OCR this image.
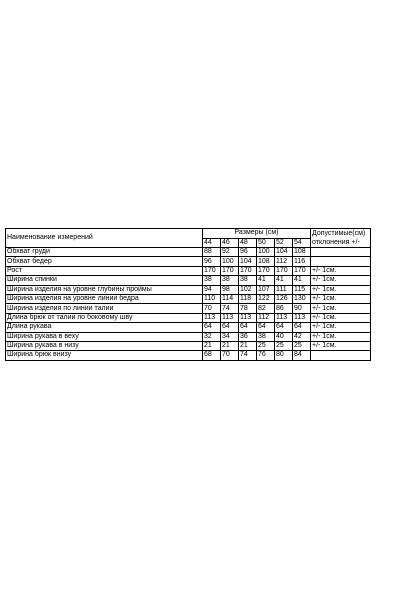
Наименование измерений	Размеры (см)						Допустимые(см)
отклонения +/-
	44	46	48	50	52	54	
Обхват груди	88	92	96	100	104	108	
Обхват бедер	96	100	104	108	112	116	
Рост	170	170	170	170	170	170	+/- 1см.
Ширина спинки	38	38	38	41	41	41	+/- 1см.
Ширина изделия на уровне глубины проймы	94	98	102	107	111	115	+/- 1см.
Ширина изделия на уровне линии бедра	110	114	118	122	126	130	+/- 1см.
Ширина изделия по линии талии	70	74	78	82	86	90	+/- 1см.
Длина брюк от талии по боковому шву	113	113	113	112	113	113	+/- 1см.
Длина рукава	64	64	64	64	64	64	+/- 1см.
Ширина рукава в веху	32	34	36	38	40	42	+/- 1см.
Ширина рукава в низу	21	21	21	25	25	25	+/- 1см.
Ширина брюк внизу	68	70	74	76	80	84	
